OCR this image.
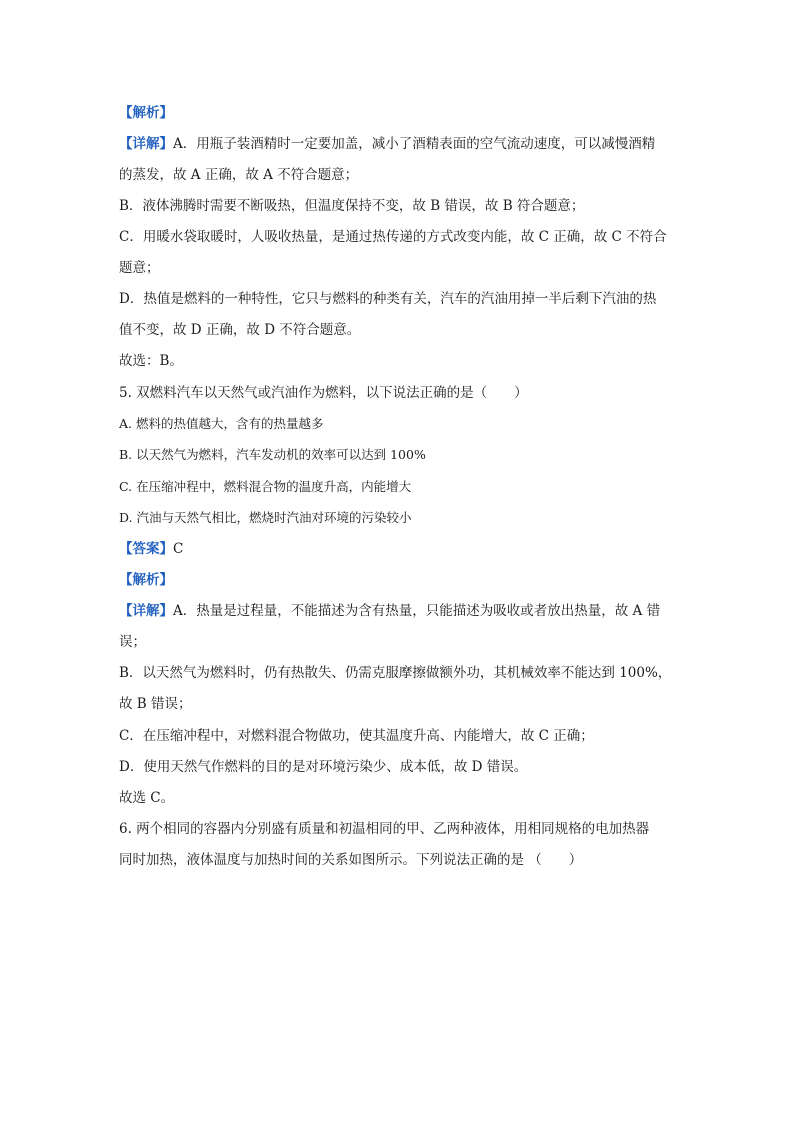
【解析】
【详解】A．用瓶子装酒精时一定要加盖，减小了酒精表面的空气流动速度，可以减慢酒精
的蒸发，故 A 正确，故 A 不符合题意；
B．液体沸腾时需要不断吸热，但温度保持不变，故 B 错误，故 B 符合题意；
C．用暖水袋取暖时，人吸收热量，是通过热传递的方式改变内能，故 C 正确，故 C 不符合
题意；
D．热值是燃料的一种特性，它只与燃料的种类有关，汽车的汽油用掉一半后剩下汽油的热
值不变，故 D 正确，故 D 不符合题意。
故选：B。
5. 双燃料汽车以天然气或汽油作为燃料，以下说法正确的是（　　）
A. 燃料的热值越大，含有的热量越多
B. 以天然气为燃料，汽车发动机的效率可以达到 100%
C. 在压缩冲程中，燃料混合物的温度升高，内能增大
D. 汽油与天然气相比，燃烧时汽油对环境的污染较小
【答案】C
【解析】
【详解】A．热量是过程量，不能描述为含有热量，只能描述为吸收或者放出热量，故 A 错
误；
B．以天然气为燃料时，仍有热散失、仍需克服摩擦做额外功，其机械效率不能达到 100%，
故 B 错误；
C．在压缩冲程中，对燃料混合物做功，使其温度升高、内能增大，故 C 正确；
D．使用天然气作燃料的目的是对环境污染少、成本低，故 D 错误。
故选 C。
6. 两个相同的容器内分别盛有质量和初温相同的甲、乙两种液体，用相同规格的电加热器
同时加热，液体温度与加热时间的关系如图所示。下列说法正确的是 （　　）
